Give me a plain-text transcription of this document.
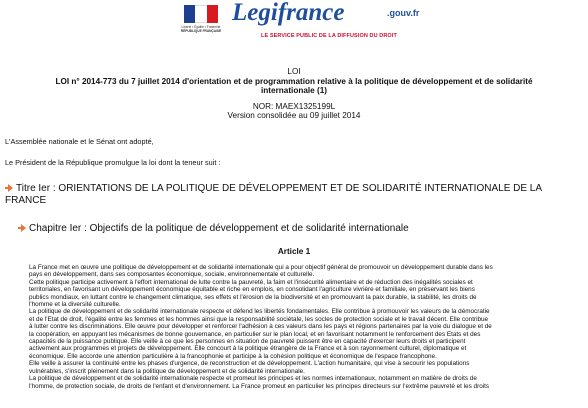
Liberté • Égalité • Fraternité
RÉPUBLIQUE FRANÇAISE
Legifrance	.gouv.fr
LE SERVICE PUBLIC DE LA DIFFUSION DU DROIT
LOI
LOI n° 2014-773 du 7 juillet 2014 d'orientation et de programmation relative à la politique de développement et de solidarité
internationale (1)
NOR: MAEX1325199L
Version consolidée au 09 juillet 2014
L'Assemblée nationale et le Sénat ont adopté,
Le Président de la République promulgue la loi dont la teneur suit :
Titre Ier : ORIENTATIONS DE LA POLITIQUE DE DÉVELOPPEMENT ET DE SOLIDARITÉ INTERNATIONALE DE LA
FRANCE
Chapitre Ier : Objectifs de la politique de développement et de solidarité internationale
Article 1
La France met en œuvre une politique de développement et de solidarité internationale qui a pour objectif général de promouvoir un développement durable dans les
pays en développement, dans ses composantes économique, sociale, environnementale et culturelle.
Cette politique participe activement à l'effort international de lutte contre la pauvreté, la faim et l'insécurité alimentaire et de réduction des inégalités sociales et
territoriales, en favorisant un développement économique équitable et riche en emplois, en consolidant l'agriculture vivrière et familiale, en préservant les biens
publics mondiaux, en luttant contre le changement climatique, ses effets et l'érosion de la biodiversité et en promouvant la paix durable, la stabilité, les droits de
l'homme et la diversité culturelle.
La politique de développement et de solidarité internationale respecte et défend les libertés fondamentales. Elle contribue à promouvoir les valeurs de la démocratie
et de l'Etat de droit, l'égalité entre les femmes et les hommes ainsi que la responsabilité sociétale, les socles de protection sociale et le travail décent. Elle contribue
à lutter contre les discriminations. Elle œuvre pour développer et renforcer l'adhésion à ces valeurs dans les pays et régions partenaires par la voie du dialogue et de
la coopération, en appuyant les mécanismes de bonne gouvernance, en particulier sur le plan local, et en favorisant notamment le renforcement des Etats et des
capacités de la puissance publique. Elle veille à ce que les personnes en situation de pauvreté puissent être en capacité d'exercer leurs droits et participent
activement aux programmes et projets de développement. Elle concourt à la politique étrangère de la France et à son rayonnement culturel, diplomatique et
économique. Elle accorde une attention particulière à la francophonie et participe à la cohésion politique et économique de l'espace francophone.
Elle veille à assurer la continuité entre les phases d'urgence, de reconstruction et de développement. L'action humanitaire, qui vise à secourir les populations
vulnérables, s'inscrit pleinement dans la politique de développement et de solidarité internationale.
La politique de développement et de solidarité internationale respecte et promeut les principes et les normes internationaux, notamment en matière de droits de
l'homme, de protection sociale, de droits de l'enfant et d'environnement. La France promeut en particulier les principes directeurs sur l'extrême pauvreté et les droits
